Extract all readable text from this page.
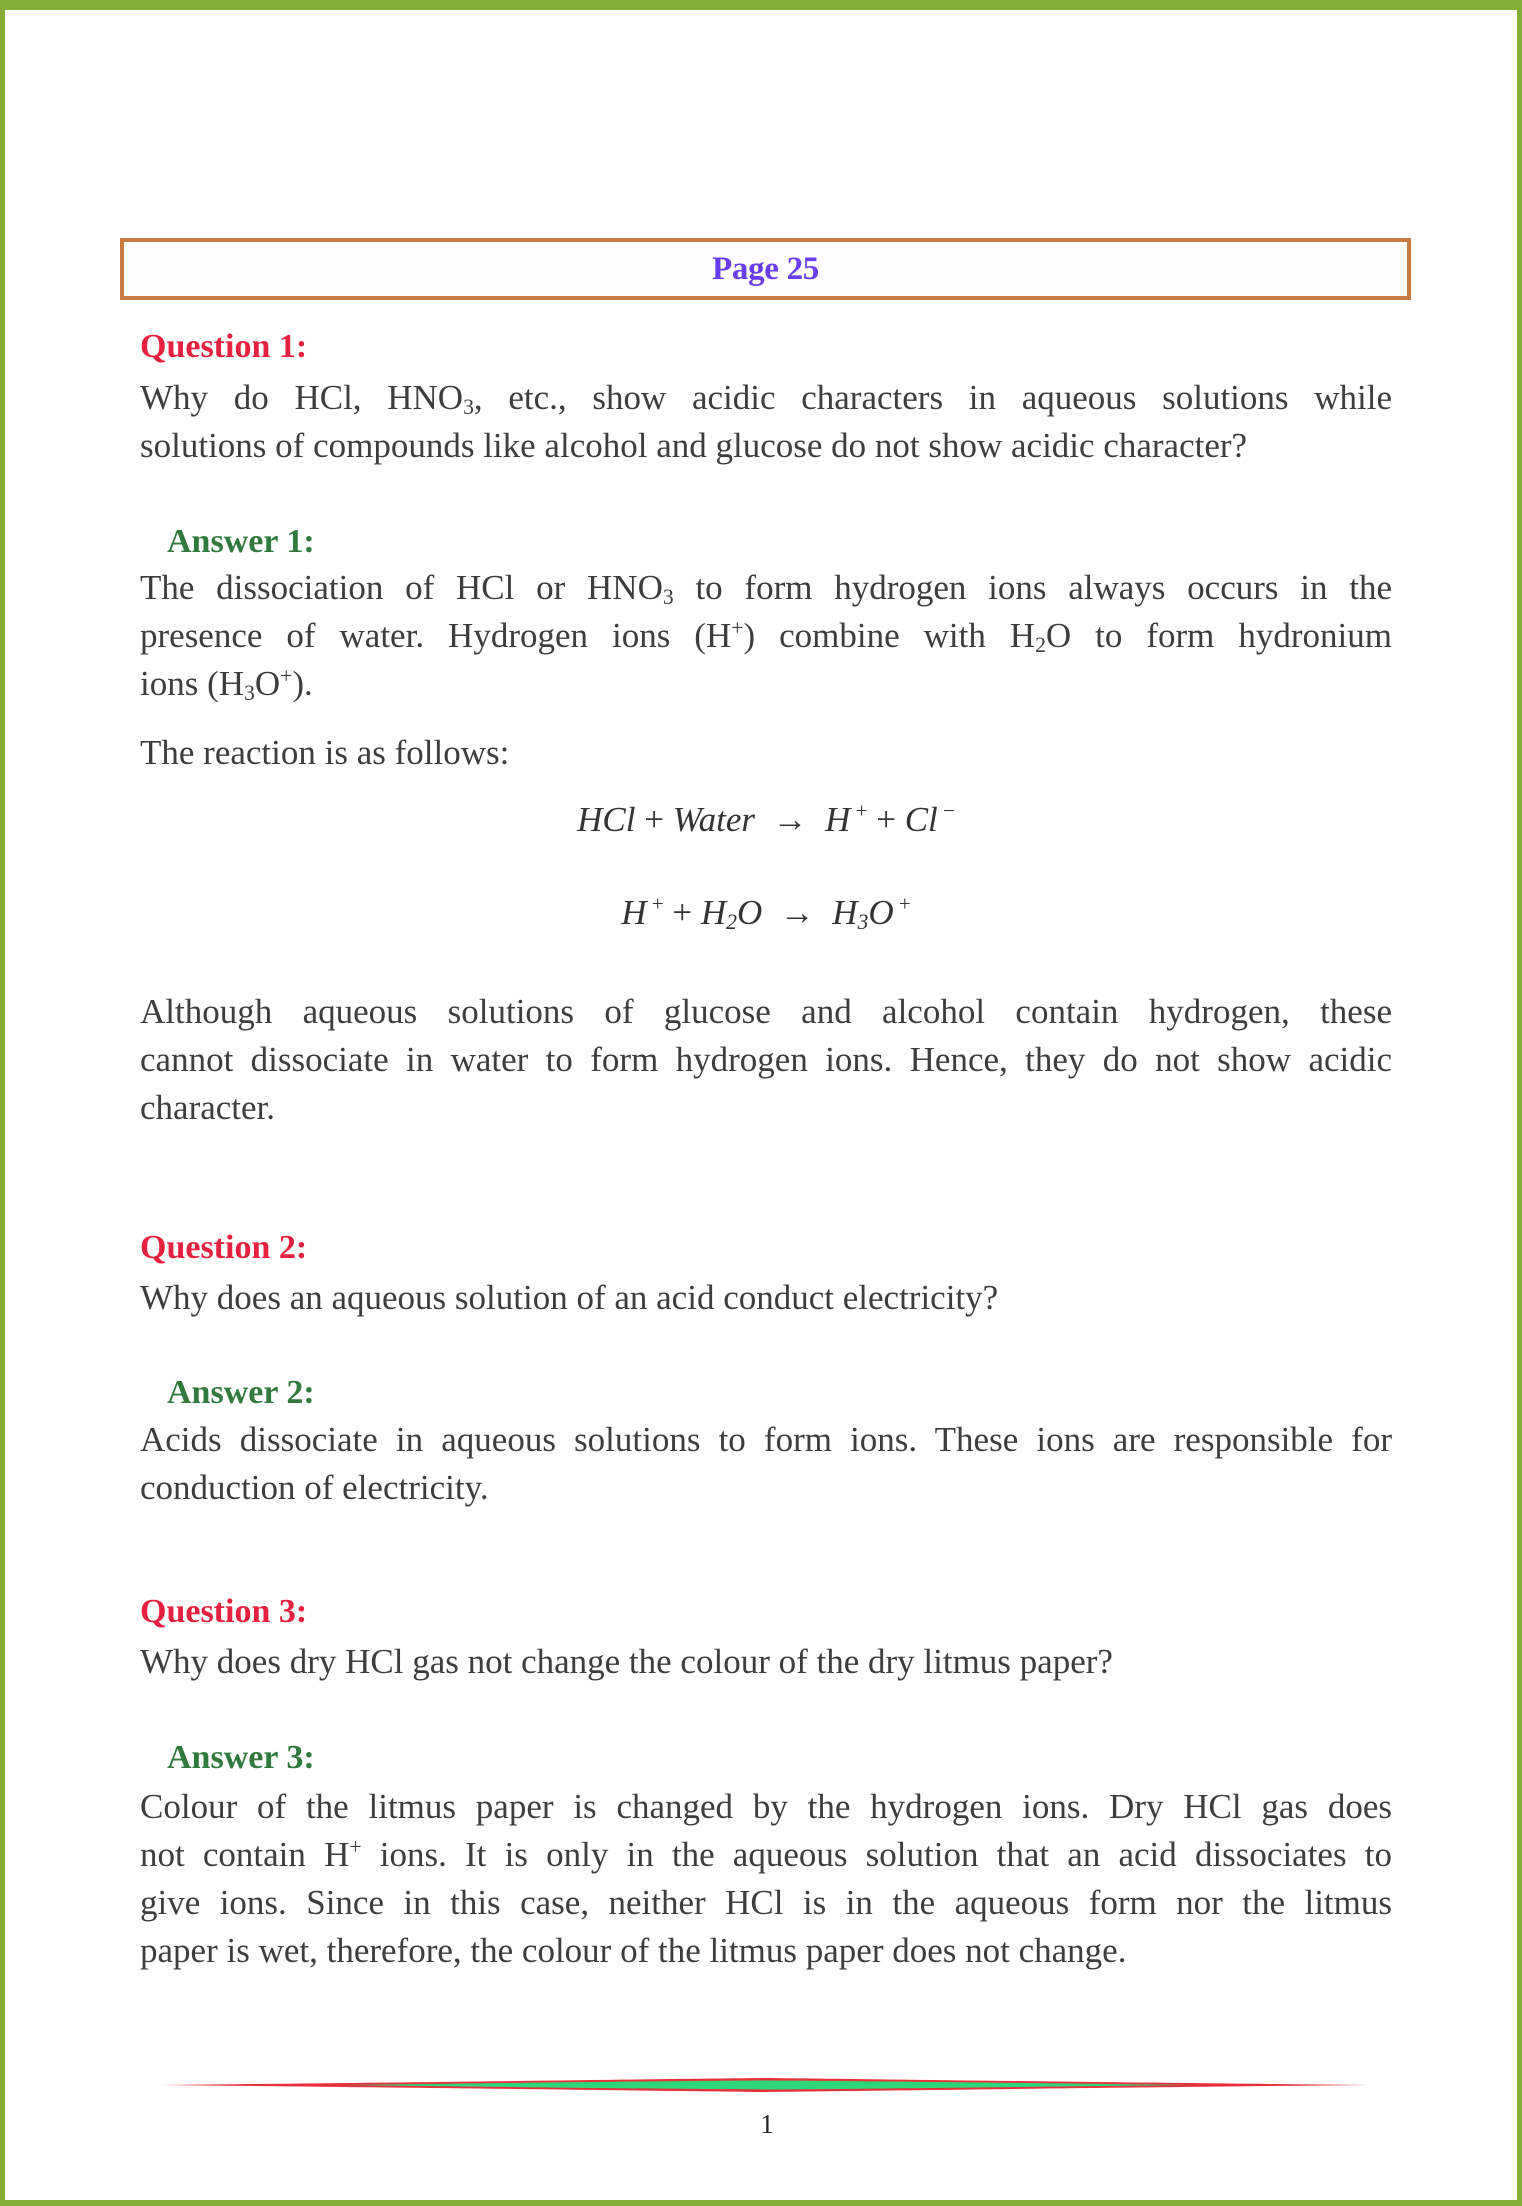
Page 25
Question 1:
Why do HCl, $HNO_3$, etc., show acidic characters in aqueous solutions while
solutions of compounds like alcohol and glucose do not show acidic character?
Answer 1:
The dissociation of HCl or $HNO_3$ to form hydrogen ions always occurs in the
presence of water. Hydrogen ions (H+) combine with $H_2O$ to form hydronium
ions $(H_3O^+)$.
The reaction is as follows:
HCl + Water  →  H + + Cl −
H $^+ + H_2O \to H_3O$ +
Although aqueous solutions of glucose and alcohol contain hydrogen, these
cannot dissociate in water to form hydrogen ions. Hence, they do not show acidic
character.
Question 2:
Why does an aqueous solution of an acid conduct electricity?
Answer 2:
Acids dissociate in aqueous solutions to form ions. These ions are responsible for
conduction of electricity.
Question 3:
Why does dry HCl gas not change the colour of the dry litmus paper?
Answer 3:
Colour of the litmus paper is changed by the hydrogen ions. Dry HCl gas does
not contain H+ ions. It is only in the aqueous solution that an acid dissociates to
give ions. Since in this case, neither HCl is in the aqueous form nor the litmus
paper is wet, therefore, the colour of the litmus paper does not change.
1
